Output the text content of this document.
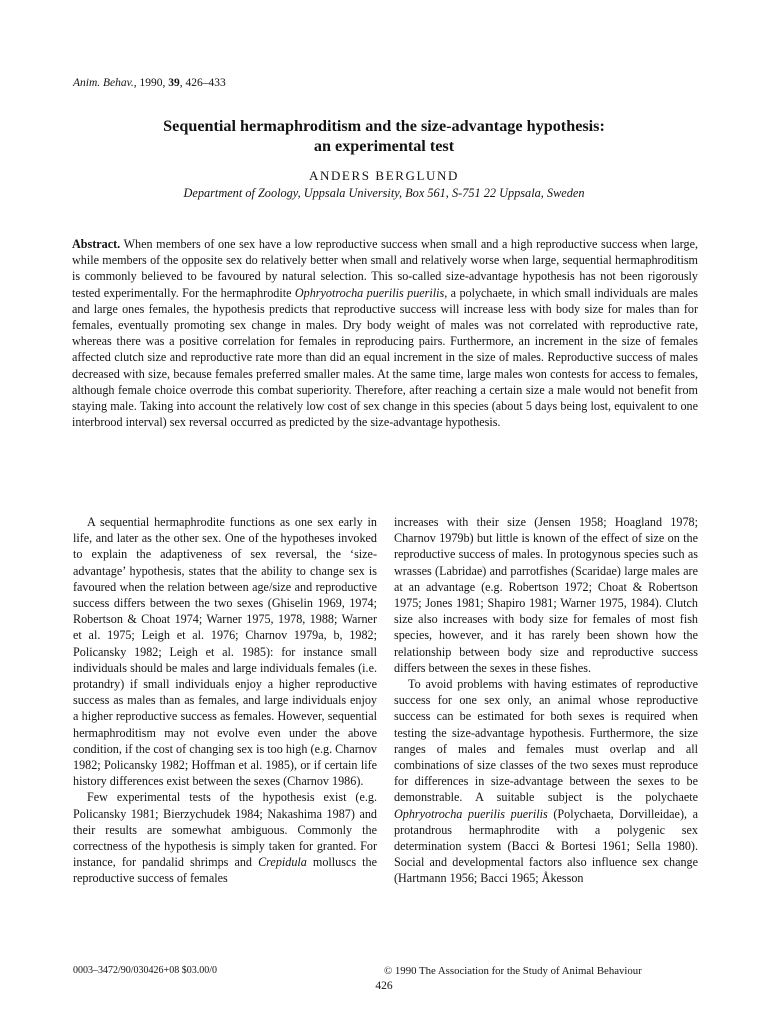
Anim. Behav., 1990, 39, 426–433
Sequential hermaphroditism and the size-advantage hypothesis:
an experimental test
ANDERS BERGLUND
Department of Zoology, Uppsala University, Box 561, S-751 22 Uppsala, Sweden
Abstract. When members of one sex have a low reproductive success when small and a high reproductive success when large, while members of the opposite sex do relatively better when small and relatively worse when large, sequential hermaphroditism is commonly believed to be favoured by natural selection. This so-called size-advantage hypothesis has not been rigorously tested experimentally. For the hermaphrodite Ophryotrocha puerilis puerilis, a polychaete, in which small individuals are males and large ones females, the hypothesis predicts that reproductive success will increase less with body size for males than for females, eventually promoting sex change in males. Dry body weight of males was not correlated with reproductive rate, whereas there was a positive correlation for females in reproducing pairs. Furthermore, an increment in the size of females affected clutch size and reproductive rate more than did an equal increment in the size of males. Reproductive success of males decreased with size, because females preferred smaller males. At the same time, large males won contests for access to females, although female choice overrode this combat superiority. Therefore, after reaching a certain size a male would not benefit from staying male. Taking into account the relatively low cost of sex change in this species (about 5 days being lost, equivalent to one interbrood interval) sex reversal occurred as predicted by the size-advantage hypothesis.

A sequential hermaphrodite functions as one sex early in life, and later as the other sex. One of the hypotheses invoked to explain the adaptiveness of sex reversal, the ‘size-advantage’ hypothesis, states that the ability to change sex is favoured when the relation between age/size and reproductive success differs between the two sexes (Ghiselin 1969, 1974; Robertson & Choat 1974; Warner 1975, 1978, 1988; Warner et al. 1975; Leigh et al. 1976; Charnov 1979a, b, 1982; Policansky 1982; Leigh et al. 1985): for instance small individuals should be males and large individuals females (i.e. protandry) if small individuals enjoy a higher reproductive success as males than as females, and large individuals enjoy a higher reproductive success as females. However, sequential hermaphroditism may not evolve even under the above condition, if the cost of changing sex is too high (e.g. Charnov 1982; Policansky 1982; Hoffman et al. 1985), or if certain life history differences exist between the sexes (Charnov 1986).

Few experimental tests of the hypothesis exist (e.g. Policansky 1981; Bierzychudek 1984; Nakashima 1987) and their results are somewhat ambiguous. Commonly the correctness of the hypothesis is simply taken for granted. For instance, for pandalid shrimps and Crepidula molluscs the reproductive success of females

increases with their size (Jensen 1958; Hoagland 1978; Charnov 1979b) but little is known of the effect of size on the reproductive success of males. In protogynous species such as wrasses (Labridae) and parrotfishes (Scaridae) large males are at an advantage (e.g. Robertson 1972; Choat & Robertson 1975; Jones 1981; Shapiro 1981; Warner 1975, 1984). Clutch size also increases with body size for females of most fish species, however, and it has rarely been shown how the relationship between body size and reproductive success differs between the sexes in these fishes.

To avoid problems with having estimates of reproductive success for one sex only, an animal whose reproductive success can be estimated for both sexes is required when testing the size-advantage hypothesis. Furthermore, the size ranges of males and females must overlap and all combinations of size classes of the two sexes must reproduce for differences in size-advantage between the sexes to be demonstrable. A suitable subject is the polychaete Ophryotrocha puerilis puerilis (Polychaeta, Dorvilleidae), a protandrous hermaphrodite with a polygenic sex determination system (Bacci & Bortesi 1961; Sella 1980). Social and developmental factors also influence sex change (Hartmann 1956; Bacci 1965; Åkesson

0003–3472/90/030426+08 $03.00/0	© 1990 The Association for the Study of Animal Behaviour
426
